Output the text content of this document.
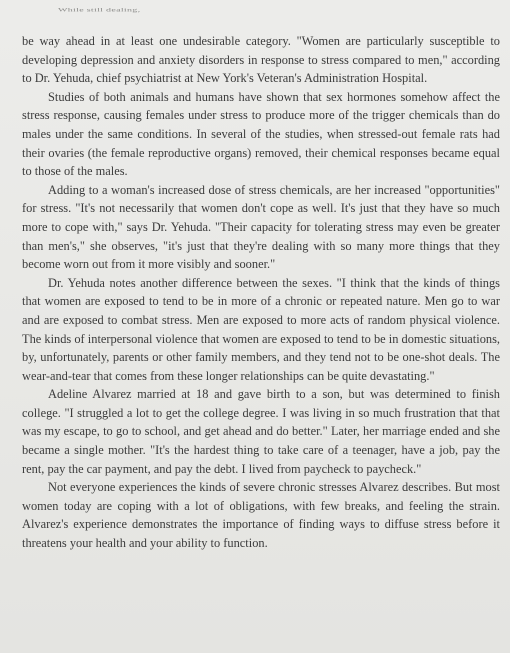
While still dealing,

be way ahead in at least one undesirable category. "Women are particularly susceptible to developing depression and anxiety disorders in response to stress compared to men," according to Dr. Yehuda, chief psychiatrist at New York's Veteran's Administration Hospital.

Studies of both animals and humans have shown that sex hormones somehow affect the stress response, causing females under stress to produce more of the trigger chemicals than do males under the same conditions. In several of the studies, when stressed-out female rats had their ovaries (the female reproductive organs) removed, their chemical responses became equal to those of the males.

Adding to a woman's increased dose of stress chemicals, are her increased "opportunities" for stress. "It's not necessarily that women don't cope as well. It's just that they have so much more to cope with," says Dr. Yehuda. "Their capacity for tolerating stress may even be greater than men's," she observes, "it's just that they're dealing with so many more things that they become worn out from it more visibly and sooner."

Dr. Yehuda notes another difference between the sexes. "I think that the kinds of things that women are exposed to tend to be in more of a chronic or repeated nature. Men go to war and are exposed to combat stress. Men are exposed to more acts of random physical violence. The kinds of interpersonal violence that women are exposed to tend to be in domestic situations, by, unfortunately, parents or other family members, and they tend not to be one-shot deals. The wear-and-tear that comes from these longer relationships can be quite devastating."

Adeline Alvarez married at 18 and gave birth to a son, but was determined to finish college. "I struggled a lot to get the college degree. I was living in so much frustration that that was my escape, to go to school, and get ahead and do better." Later, her marriage ended and she became a single mother. "It's the hardest thing to take care of a teenager, have a job, pay the rent, pay the car payment, and pay the debt. I lived from paycheck to paycheck."

Not everyone experiences the kinds of severe chronic stresses Alvarez describes. But most women today are coping with a lot of obligations, with few breaks, and feeling the strain. Alvarez's experience demonstrates the importance of finding ways to diffuse stress before it threatens your health and your ability to function.
